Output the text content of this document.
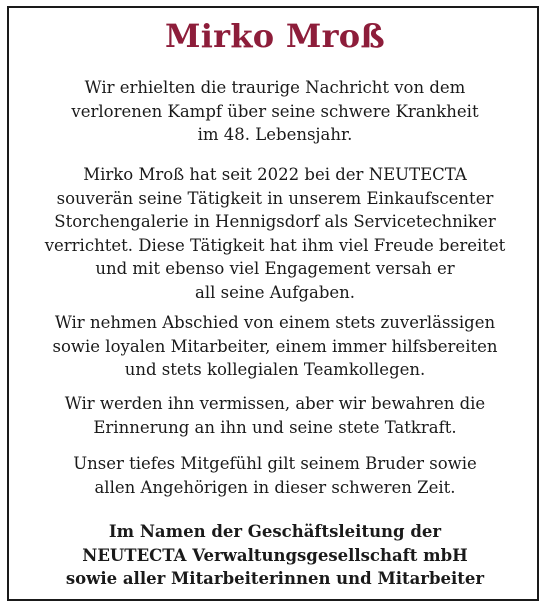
Mirko Mroß

Wir erhielten die traurige Nachricht von dem
verlorenen Kampf über seine schwere Krankheit
im 48. Lebensjahr.

Mirko Mroß hat seit 2022 bei der NEUTECTA
souverän seine Tätigkeit in unserem Einkaufscenter
Storchengalerie in Hennigsdorf als Servicetechniker
verrichtet. Diese Tätigkeit hat ihm viel Freude bereitet
und mit ebenso viel Engagement versah er
all seine Aufgaben.

Wir nehmen Abschied von einem stets zuverlässigen
sowie loyalen Mitarbeiter, einem immer hilfsbereiten
und stets kollegialen Teamkollegen.

Wir werden ihn vermissen, aber wir bewahren die
Erinnerung an ihn und seine stete Tatkraft.

Unser tiefes Mitgefühl gilt seinem Bruder sowie
allen Angehörigen in dieser schweren Zeit.

Im Namen der Geschäftsleitung der
NEUTECTA Verwaltungsgesellschaft mbH
sowie aller Mitarbeiterinnen und Mitarbeiter
